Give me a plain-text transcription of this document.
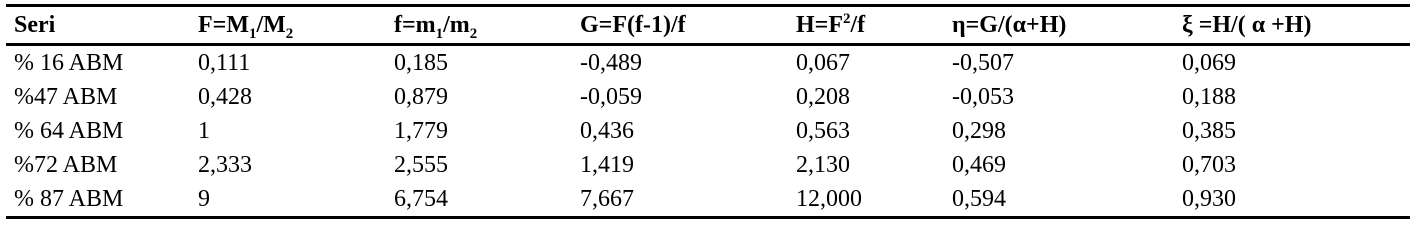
Seri	$F=M_1/M_2$	$f=m_1/m_2$	G=F(f-1)/f	$H=F^2/f$	η=G/(α+H)	ξ =H/( α +H)
% 16 ABM	0,111	0,185	-0,489	0,067	-0,507	0,069
%47 ABM	0,428	0,879	-0,059	0,208	-0,053	0,188
% 64 ABM	1	1,779	0,436	0,563	0,298	0,385
%72 ABM	2,333	2,555	1,419	2,130	0,469	0,703
% 87 ABM	9	6,754	7,667	12,000	0,594	0,930
